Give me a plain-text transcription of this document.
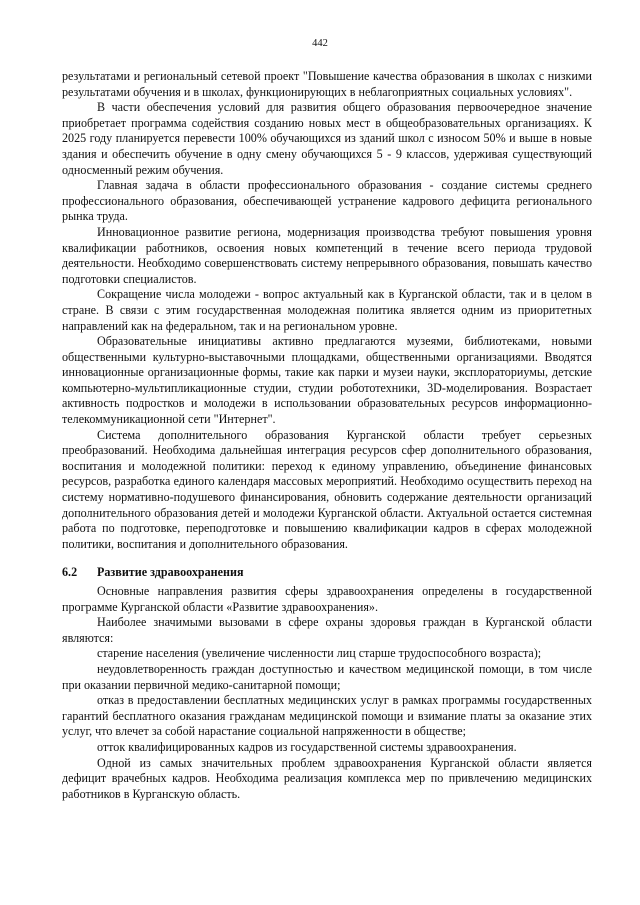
442

результатами и региональный сетевой проект "Повышение качества образования в школах с низкими результатами обучения и в школах, функционирующих в неблагоприятных социальных условиях".

В части обеспечения условий для развития общего образования первоочередное значение приобретает программа содействия созданию новых мест в общеобразовательных организациях. К 2025 году планируется перевести 100% обучающихся из зданий школ с износом 50% и выше в новые здания и обеспечить обучение в одну смену обучающихся 5 - 9 классов, удерживая существующий односменный режим обучения.

Главная задача в области профессионального образования - создание системы среднего профессионального образования, обеспечивающей устранение кадрового дефицита регионального рынка труда.

Инновационное развитие региона, модернизация производства требуют повышения уровня квалификации работников, освоения новых компетенций в течение всего периода трудовой деятельности. Необходимо совершенствовать систему непрерывного образования, повышать качество подготовки специалистов.

Сокращение числа молодежи - вопрос актуальный как в Курганской области, так и в целом в стране. В связи с этим государственная молодежная политика является одним из приоритетных направлений как на федеральном, так и на региональном уровне.

Образовательные инициативы активно предлагаются музеями, библиотеками, новыми общественными культурно-выставочными площадками, общественными организациями. Вводятся инновационные организационные формы, такие как парки и музеи науки, эксплораториумы, детские компьютерно-мультипликационные студии, студии робототехники, 3D-моделирования. Возрастает активность подростков и молодежи в использовании образовательных ресурсов информационно-телекоммуникационной сети "Интернет".

Система дополнительного образования Курганской области требует серьезных преобразований. Необходима дальнейшая интеграция ресурсов сфер дополнительного образования, воспитания и молодежной политики: переход к единому управлению, объединение финансовых ресурсов, разработка единого календаря массовых мероприятий. Необходимо осуществить переход на систему нормативно-подушевого финансирования, обновить содержание деятельности организаций дополнительного образования детей и молодежи Курганской области. Актуальной остается системная работа по подготовке, переподготовке и повышению квалификации кадров в сферах молодежной политики, воспитания и дополнительного образования.

6.2 Развитие здравоохранения

Основные направления развития сферы здравоохранения определены в государственной программе Курганской области «Развитие здравоохранения».

Наиболее значимыми вызовами в сфере охраны здоровья граждан в Курганской области являются:

старение населения (увеличение численности лиц старше трудоспособного возраста);

неудовлетворенность граждан доступностью и качеством медицинской помощи, в том числе при оказании первичной медико-санитарной помощи;

отказ в предоставлении бесплатных медицинских услуг в рамках программы государственных гарантий бесплатного оказания гражданам медицинской помощи и взимание платы за оказание этих услуг, что влечет за собой нарастание социальной напряженности в обществе;

отток квалифицированных кадров из государственной системы здравоохранения.

Одной из самых значительных проблем здравоохранения Курганской области является дефицит врачебных кадров. Необходима реализация комплекса мер по привлечению медицинских работников в Курганскую область.
